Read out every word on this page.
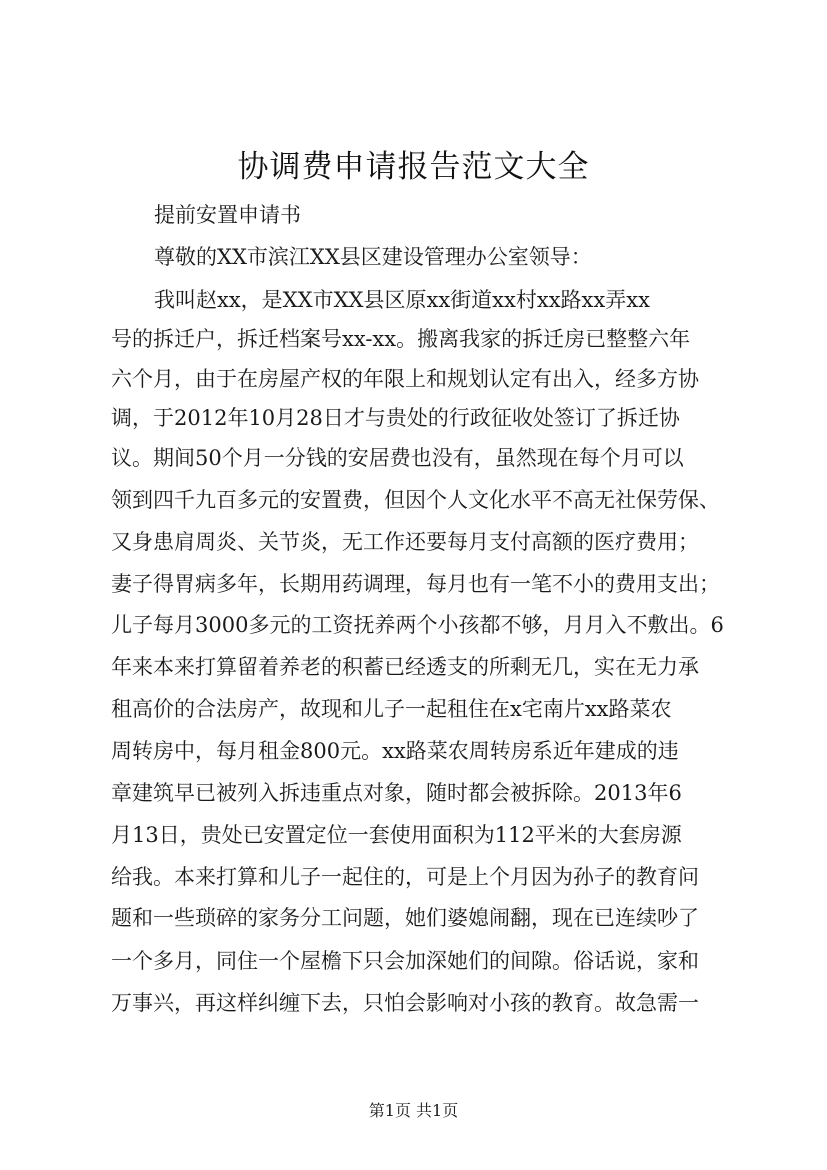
协调费申请报告范文大全
提前安置申请书
尊敬的XX市滨江XX县区建设管理办公室领导：
我叫赵xx，是XX市XX县区原xx街道xx村xx路xx弄xx
号的拆迁户，拆迁档案号xx-xx。搬离我家的拆迁房已整整六年
六个月，由于在房屋产权的年限上和规划认定有出入，经多方协
调，于2012年10月28日才与贵处的行政征收处签订了拆迁协
议。期间50个月一分钱的安居费也没有，虽然现在每个月可以
领到四千九百多元的安置费，但因个人文化水平不高无社保劳保、
又身患肩周炎、关节炎，无工作还要每月支付高额的医疗费用；
妻子得胃病多年，长期用药调理，每月也有一笔不小的费用支出；
儿子每月3000多元的工资抚养两个小孩都不够，月月入不敷出。6
年来本来打算留着养老的积蓄已经透支的所剩无几，实在无力承
租高价的合法房产，故现和儿子一起租住在x宅南片xx路菜农
周转房中，每月租金800元。xx路菜农周转房系近年建成的违
章建筑早已被列入拆违重点对象，随时都会被拆除。2013年6
月13日，贵处已安置定位一套使用面积为112平米的大套房源
给我。本来打算和儿子一起住的，可是上个月因为孙子的教育问
题和一些琐碎的家务分工问题，她们婆媳闹翻，现在已连续吵了
一个多月，同住一个屋檐下只会加深她们的间隙。俗话说，家和
万事兴，再这样纠缠下去，只怕会影响对小孩的教育。故急需一
第1页 共1页
